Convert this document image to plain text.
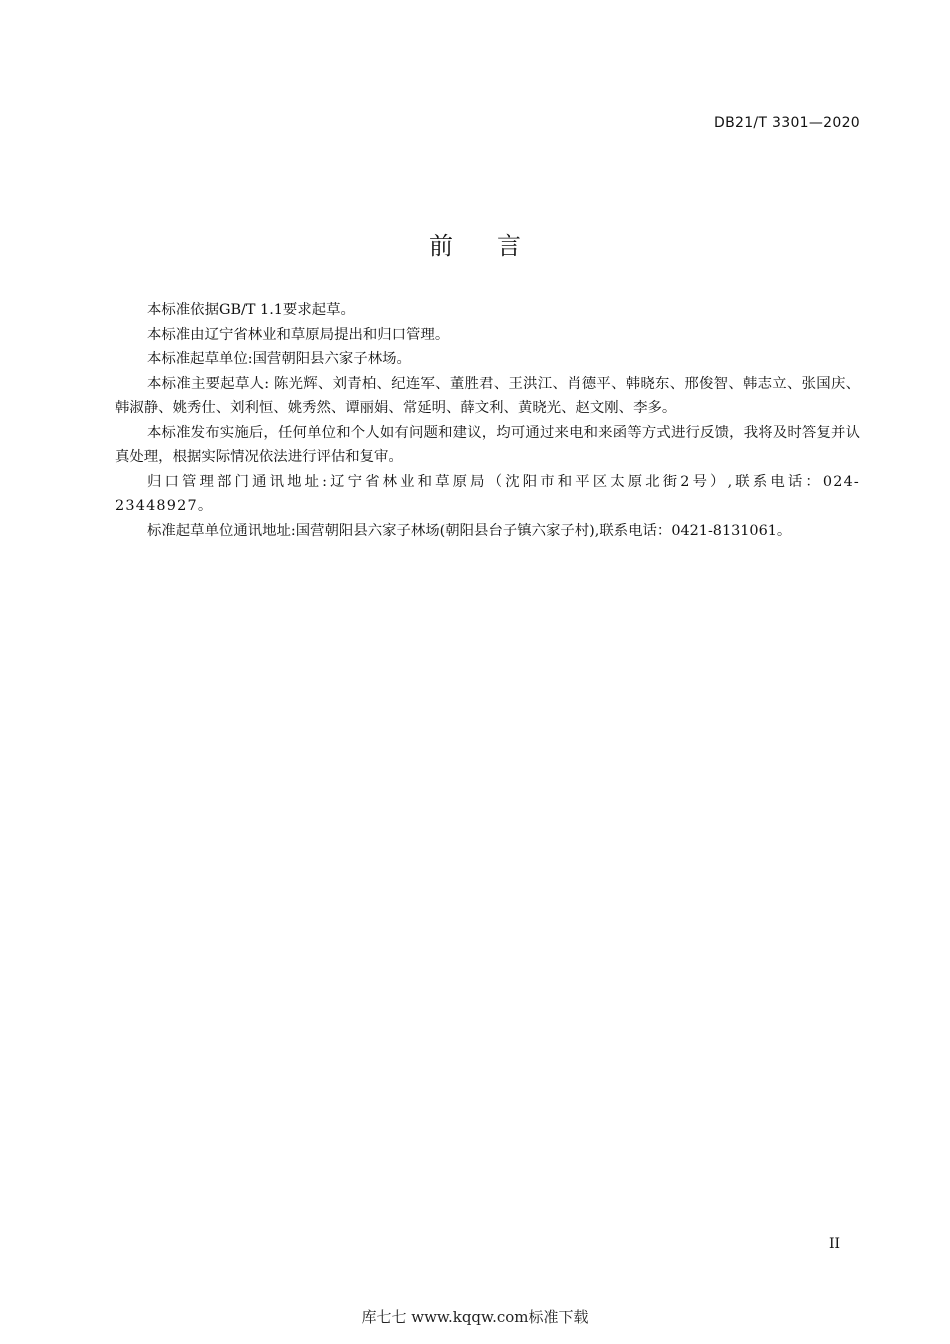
DB21/T 3301—2020
前言

本标准依据GB/T 1.1要求起草。

本标准由辽宁省林业和草原局提出和归口管理。

本标准起草单位:国营朝阳县六家子林场。

本标准主要起草人: 陈光辉、刘青柏、纪连军、董胜君、王洪江、肖德平、韩晓东、邢俊智、韩志立、张国庆、韩淑静、姚秀仕、刘利恒、姚秀然、谭丽娟、常延明、薛文利、黄晓光、赵文刚、李多。

本标准发布实施后，任何单位和个人如有问题和建议，均可通过来电和来函等方式进行反馈，我将及时答复并认真处理，根据实际情况依法进行评估和复审。

归口管理部门通讯地址:辽宁省林业和草原局（沈阳市和平区太原北街2号）,联系电话：024-23448927。

标准起草单位通讯地址:国营朝阳县六家子林场(朝阳县台子镇六家子村),联系电话：0421-8131061。

II
库七七 www.kqqw.com标准下载
